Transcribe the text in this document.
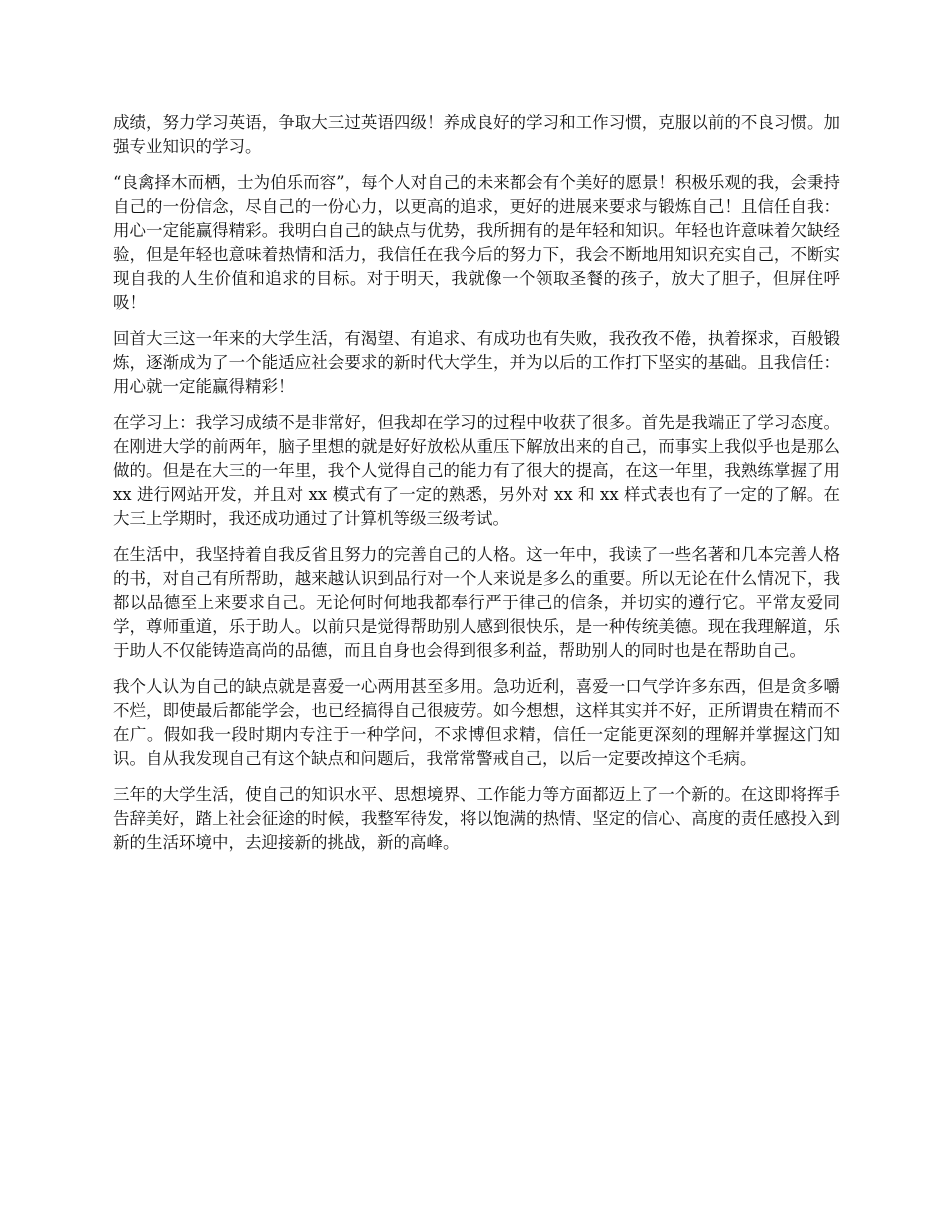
成绩，努力学习英语，争取大三过英语四级！养成良好的学习和工作习惯，克服以前的不良习惯。加强专业知识的学习。

“良禽择木而栖，士为伯乐而容”，每个人对自己的未来都会有个美好的愿景！积极乐观的我，会秉持自己的一份信念，尽自己的一份心力，以更高的追求，更好的进展来要求与锻炼自己！且信任自我：用心一定能赢得精彩。我明白自己的缺点与优势，我所拥有的是年轻和知识。年轻也许意味着欠缺经验，但是年轻也意味着热情和活力，我信任在我今后的努力下，我会不断地用知识充实自己，不断实现自我的人生价值和追求的目标。对于明天，我就像一个领取圣餐的孩子，放大了胆子，但屏住呼吸！

回首大三这一年来的大学生活，有渴望、有追求、有成功也有失败，我孜孜不倦，执着探求，百般锻炼，逐渐成为了一个能适应社会要求的新时代大学生，并为以后的工作打下坚实的基础。且我信任：用心就一定能赢得精彩！

在学习上：我学习成绩不是非常好，但我却在学习的过程中收获了很多。首先是我端正了学习态度。在刚进大学的前两年，脑子里想的就是好好放松从重压下解放出来的自己，而事实上我似乎也是那么做的。但是在大三的一年里，我个人觉得自己的能力有了很大的提高，在这一年里，我熟练掌握了用 xx 进行网站开发，并且对 xx 模式有了一定的熟悉，另外对 xx 和 xx 样式表也有了一定的了解。在大三上学期时，我还成功通过了计算机等级三级考试。

在生活中，我坚持着自我反省且努力的完善自己的人格。这一年中，我读了一些名著和几本完善人格的书，对自己有所帮助，越来越认识到品行对一个人来说是多么的重要。所以无论在什么情况下，我都以品德至上来要求自己。无论何时何地我都奉行严于律己的信条，并切实的遵行它。平常友爱同学，尊师重道，乐于助人。以前只是觉得帮助别人感到很快乐，是一种传统美德。现在我理解道，乐于助人不仅能铸造高尚的品德，而且自身也会得到很多利益，帮助别人的同时也是在帮助自己。

我个人认为自己的缺点就是喜爱一心两用甚至多用。急功近利，喜爱一口气学许多东西，但是贪多嚼不烂，即使最后都能学会，也已经搞得自己很疲劳。如今想想，这样其实并不好，正所谓贵在精而不在广。假如我一段时期内专注于一种学问，不求博但求精，信任一定能更深刻的理解并掌握这门知识。自从我发现自己有这个缺点和问题后，我常常警戒自己，以后一定要改掉这个毛病。

三年的大学生活，使自己的知识水平、思想境界、工作能力等方面都迈上了一个新的。在这即将挥手告辞美好，踏上社会征途的时候，我整军待发，将以饱满的热情、坚定的信心、高度的责任感投入到新的生活环境中，去迎接新的挑战，新的高峰。
